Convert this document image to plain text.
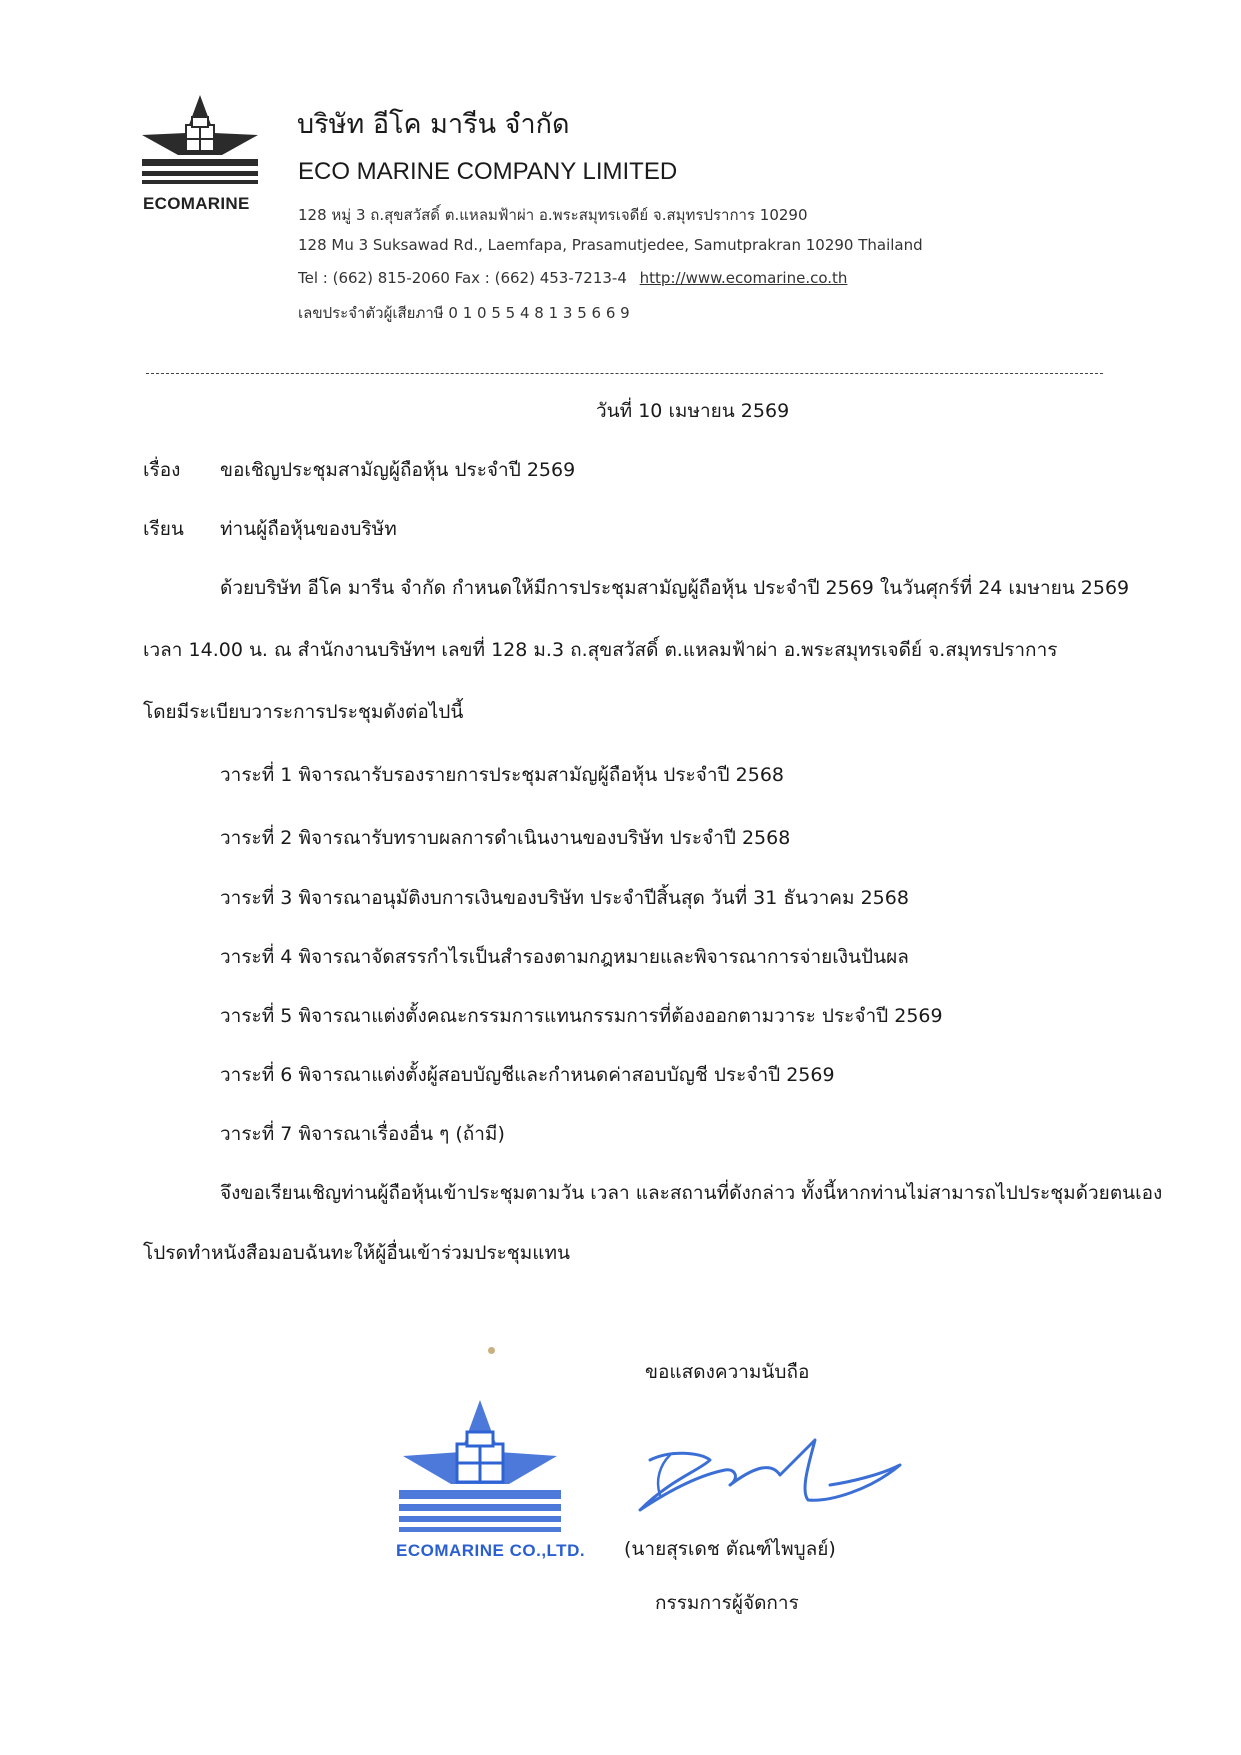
ECOMARINE
บริษัท อีโค มารีน จำกัด
ECO MARINE COMPANY LIMITED
128 หมู่ 3 ถ.สุขสวัสดิ์ ต.แหลมฟ้าผ่า อ.พระสมุทรเจดีย์ จ.สมุทรปราการ 10290
128 Mu 3 Suksawad Rd., Laemfapa, Prasamutjedee, Samutprakran 10290 Thailand
Tel : (662) 815-2060 Fax : (662) 453-7213-4 http://www.ecomarine.co.th
เลขประจำตัวผู้เสียภาษี 0 1 0 5 5 4 8 1 3 5 6 6 9
วันที่ 10 เมษายน 2569
เรื่อง ขอเชิญประชุมสามัญผู้ถือหุ้น ประจำปี 2569
เรียน ท่านผู้ถือหุ้นของบริษัท
ด้วยบริษัท อีโค มารีน จำกัด กำหนดให้มีการประชุมสามัญผู้ถือหุ้น ประจำปี 2569 ในวันศุกร์ที่ 24 เมษายน 2569
เวลา 14.00 น. ณ สำนักงานบริษัทฯ เลขที่ 128 ม.3 ถ.สุขสวัสดิ์ ต.แหลมฟ้าผ่า อ.พระสมุทรเจดีย์ จ.สมุทรปราการ
โดยมีระเบียบวาระการประชุมดังต่อไปนี้
วาระที่ 1 พิจารณารับรองรายการประชุมสามัญผู้ถือหุ้น ประจำปี 2568
วาระที่ 2 พิจารณารับทราบผลการดำเนินงานของบริษัท ประจำปี 2568
วาระที่ 3 พิจารณาอนุมัติงบการเงินของบริษัท ประจำปีสิ้นสุด วันที่ 31 ธันวาคม 2568
วาระที่ 4 พิจารณาจัดสรรกำไรเป็นสำรองตามกฎหมายและพิจารณาการจ่ายเงินปันผล
วาระที่ 5 พิจารณาแต่งตั้งคณะกรรมการแทนกรรมการที่ต้องออกตามวาระ ประจำปี 2569
วาระที่ 6 พิจารณาแต่งตั้งผู้สอบบัญชีและกำหนดค่าสอบบัญชี ประจำปี 2569
วาระที่ 7 พิจารณาเรื่องอื่น ๆ (ถ้ามี)
จึงขอเรียนเชิญท่านผู้ถือหุ้นเข้าประชุมตามวัน เวลา และสถานที่ดังกล่าว ทั้งนี้หากท่านไม่สามารถไปประชุมด้วยตนเอง
โปรดทำหนังสือมอบฉันทะให้ผู้อื่นเข้าร่วมประชุมแทน
ขอแสดงความนับถือ
ECOMARINE CO.,LTD. (นายสุรเดช ตัณฑ์ไพบูลย์)
กรรมการผู้จัดการ
